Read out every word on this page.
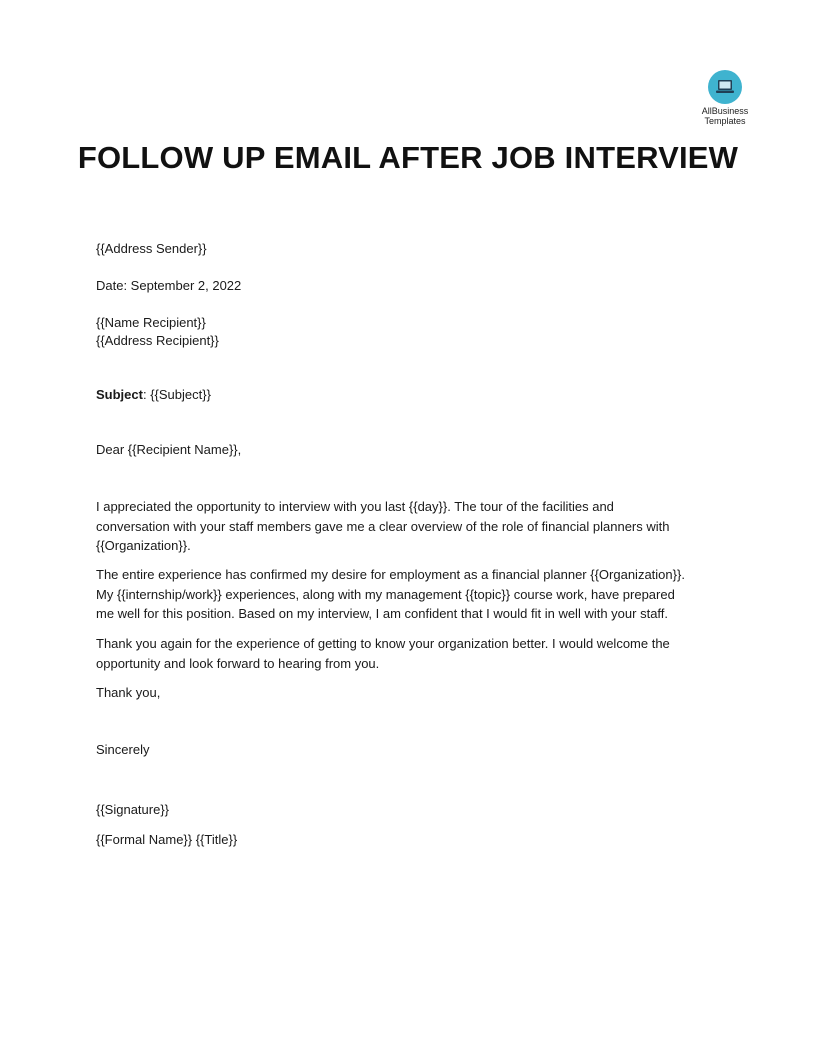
AllBusiness
Templates
FOLLOW UP EMAIL AFTER JOB INTERVIEW

{{Address Sender}}

Date: September 2, 2022

{{Name Recipient}}

{{Address Recipient}}

Subject: {{Subject}}

Dear {{Recipient Name}},

I appreciated the opportunity to interview with you last {{day}}. The tour of the facilities and
conversation with your staff members gave me a clear overview of the role of financial planners with
{{Organization}}.
The entire experience has confirmed my desire for employment as a financial planner {{Organization}}.
My {{internship/work}} experiences, along with my management {{topic}} course work, have prepared
me well for this position. Based on my interview, I am confident that I would fit in well with your staff.
Thank you again for the experience of getting to know your organization better. I would welcome the
opportunity and look forward to hearing from you.

Thank you,

Sincerely

{{Signature}}

{{Formal Name}} {{Title}}
